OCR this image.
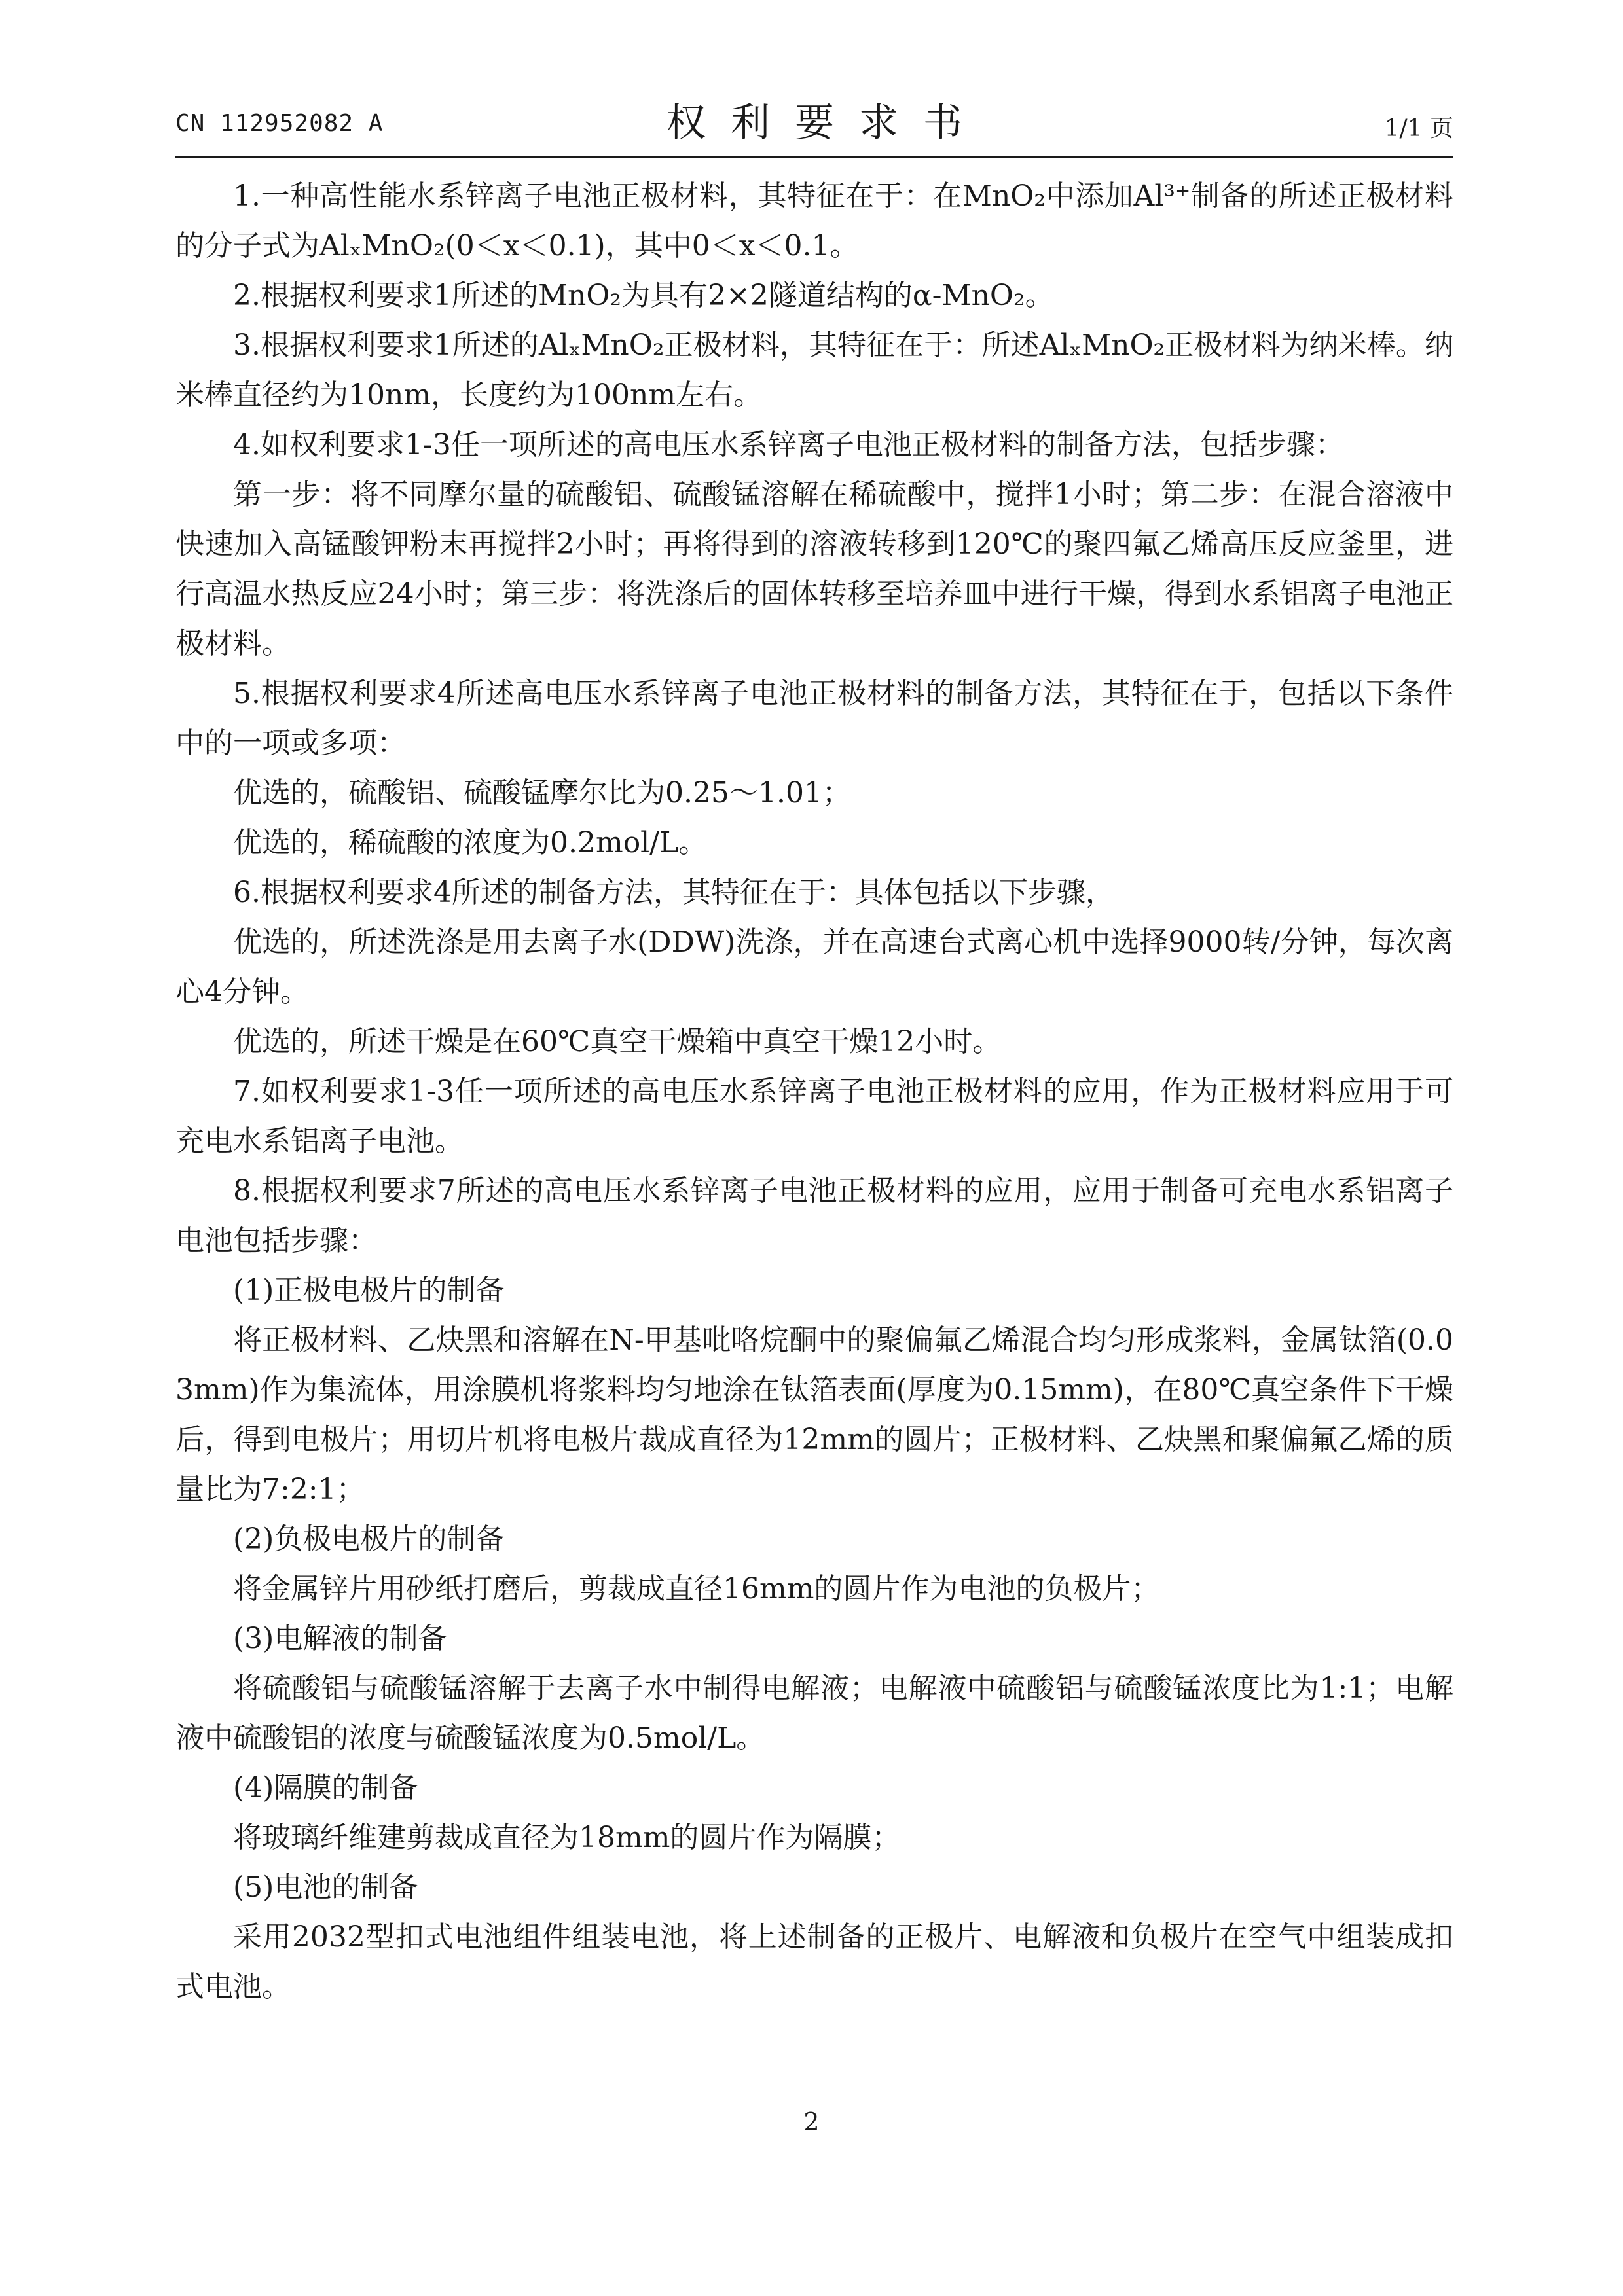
CN 112952082 A	权利要求书	1/1 页

1.一种高性能水系锌离子电池正极材料，其特征在于：在MnO₂中添加Al³⁺制备的所述正极材料的分子式为AlₓMnO₂(0＜x＜0.1)，其中0＜x＜0.1。

2.根据权利要求1所述的MnO₂为具有2×2隧道结构的α-MnO₂。

3.根据权利要求1所述的AlₓMnO₂正极材料，其特征在于：所述AlₓMnO₂正极材料为纳米棒。纳米棒直径约为10nm，长度约为100nm左右。

4.如权利要求1-3任一项所述的高电压水系锌离子电池正极材料的制备方法，包括步骤：

第一步：将不同摩尔量的硫酸铝、硫酸锰溶解在稀硫酸中，搅拌1小时；第二步：在混合溶液中快速加入高锰酸钾粉末再搅拌2小时；再将得到的溶液转移到120℃的聚四氟乙烯高压反应釜里，进行高温水热反应24小时；第三步：将洗涤后的固体转移至培养皿中进行干燥，得到水系铝离子电池正极材料。

5.根据权利要求4所述高电压水系锌离子电池正极材料的制备方法，其特征在于，包括以下条件中的一项或多项：

优选的，硫酸铝、硫酸锰摩尔比为0.25～1.01；

优选的，稀硫酸的浓度为0.2mol/L。

6.根据权利要求4所述的制备方法，其特征在于：具体包括以下步骤，

优选的，所述洗涤是用去离子水(DDW)洗涤，并在高速台式离心机中选择9000转/分钟，每次离心4分钟。

优选的，所述干燥是在60℃真空干燥箱中真空干燥12小时。

7.如权利要求1-3任一项所述的高电压水系锌离子电池正极材料的应用，作为正极材料应用于可充电水系铝离子电池。

8.根据权利要求7所述的高电压水系锌离子电池正极材料的应用，应用于制备可充电水系铝离子电池包括步骤：

(1)正极电极片的制备

将正极材料、乙炔黑和溶解在N-甲基吡咯烷酮中的聚偏氟乙烯混合均匀形成浆料，金属钛箔(0.03mm)作为集流体，用涂膜机将浆料均匀地涂在钛箔表面(厚度为0.15mm)，在80℃真空条件下干燥后，得到电极片；用切片机将电极片裁成直径为12mm的圆片；正极材料、乙炔黑和聚偏氟乙烯的质量比为7:2:1；

(2)负极电极片的制备

将金属锌片用砂纸打磨后，剪裁成直径16mm的圆片作为电池的负极片；

(3)电解液的制备

将硫酸铝与硫酸锰溶解于去离子水中制得电解液；电解液中硫酸铝与硫酸锰浓度比为1:1；电解液中硫酸铝的浓度与硫酸锰浓度为0.5mol/L。

(4)隔膜的制备

将玻璃纤维建剪裁成直径为18mm的圆片作为隔膜；

(5)电池的制备

采用2032型扣式电池组件组装电池，将上述制备的正极片、电解液和负极片在空气中组装成扣式电池。

2
